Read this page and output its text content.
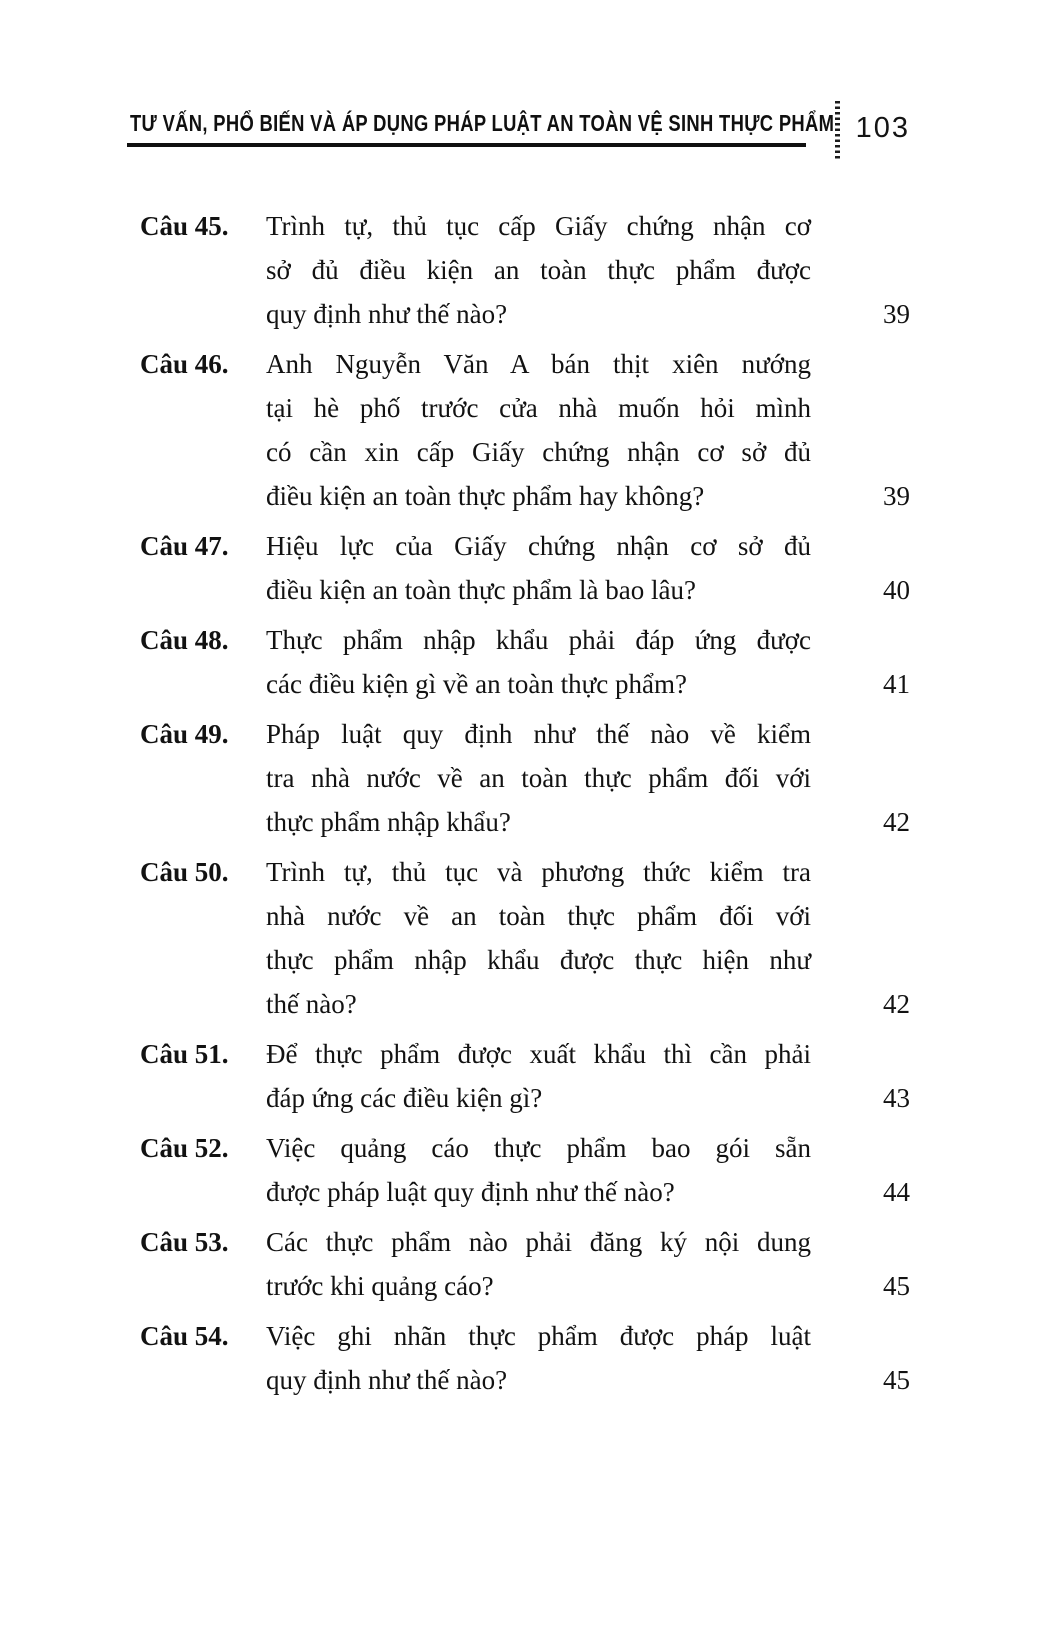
TƯ VẤN, PHỔ BIẾN VÀ ÁP DỤNG PHÁP LUẬT AN TOÀN VỆ SINH THỰC PHẨM 103
Câu 45.	Trình tự, thủ tục cấp Giấy chứng nhận cơ
sở đủ điều kiện an toàn thực phẩm được
quy định như thế nào?	39
Câu 46.	Anh Nguyễn Văn A bán thịt xiên nướng
tại hè phố trước cửa nhà muốn hỏi mình
có cần xin cấp Giấy chứng nhận cơ sở đủ
điều kiện an toàn thực phẩm hay không?	39
Câu 47.	Hiệu lực của Giấy chứng nhận cơ sở đủ
điều kiện an toàn thực phẩm là bao lâu?	40
Câu 48.	Thực phẩm nhập khẩu phải đáp ứng được
các điều kiện gì về an toàn thực phẩm?	41
Câu 49.	Pháp luật quy định như thế nào về kiểm
tra nhà nước về an toàn thực phẩm đối với
thực phẩm nhập khẩu?	42
Câu 50.	Trình tự, thủ tục và phương thức kiểm tra
nhà nước về an toàn thực phẩm đối với
thực phẩm nhập khẩu được thực hiện như
thế nào?	42
Câu 51.	Để thực phẩm được xuất khẩu thì cần phải
đáp ứng các điều kiện gì?	43
Câu 52.	Việc quảng cáo thực phẩm bao gói sẵn
được pháp luật quy định như thế nào?	44
Câu 53.	Các thực phẩm nào phải đăng ký nội dung
trước khi quảng cáo?	45
Câu 54.	Việc ghi nhãn thực phẩm được pháp luật
quy định như thế nào?	45
